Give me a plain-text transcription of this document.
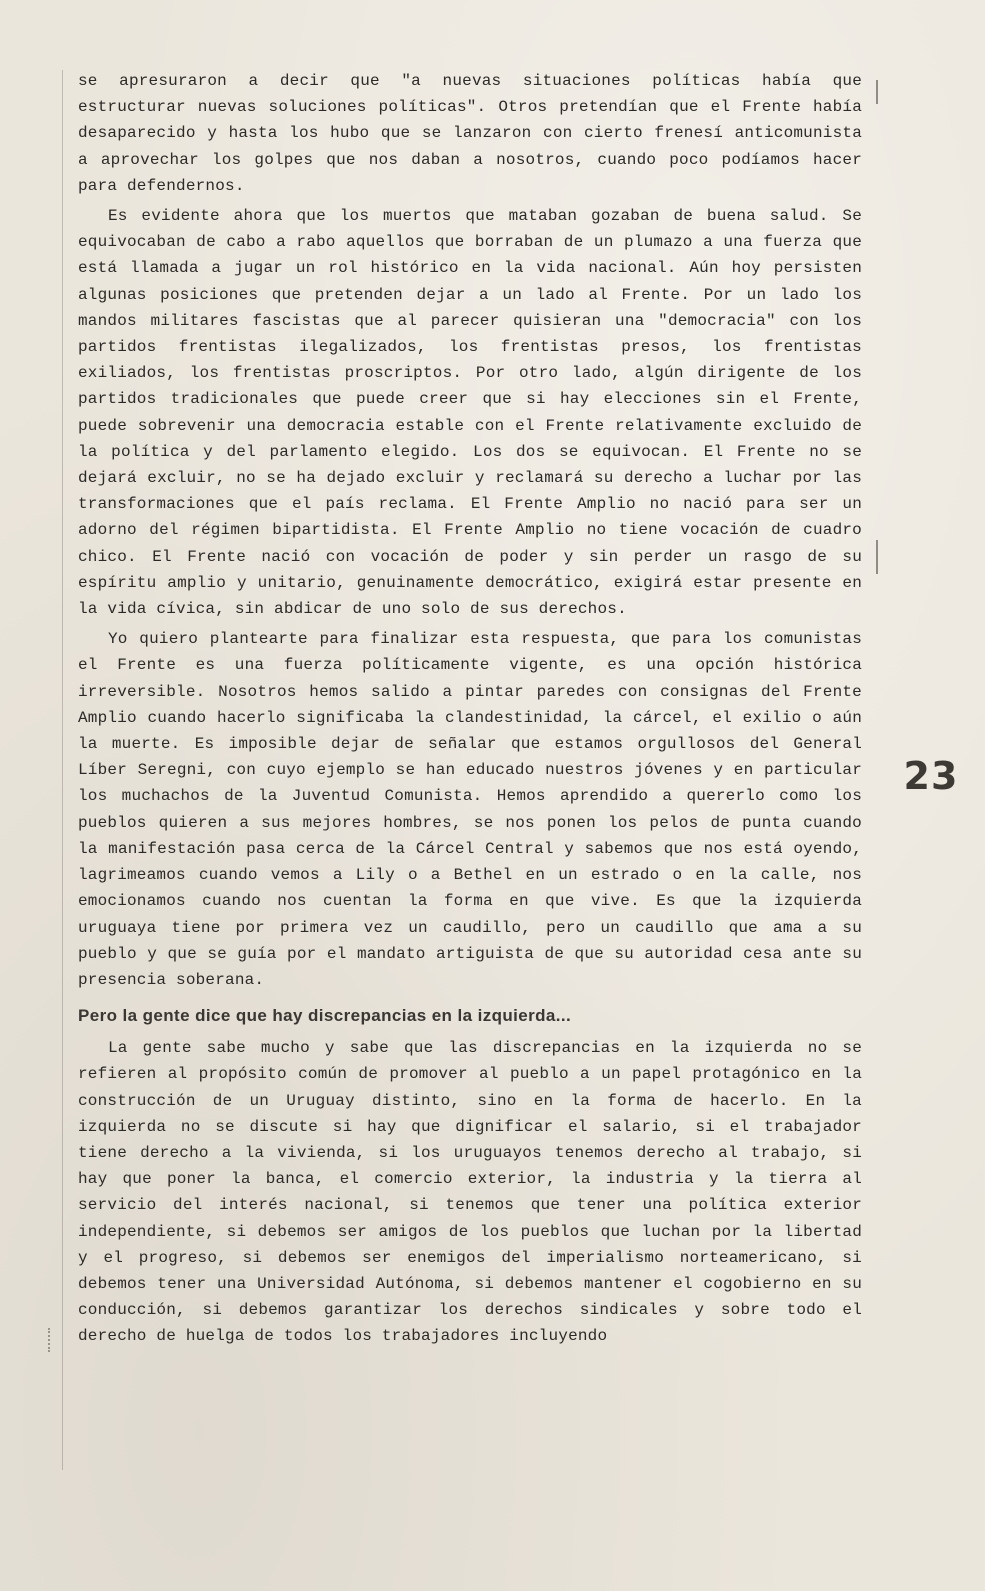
se apresuraron a decir que "a nuevas situaciones políticas había que estructurar nuevas soluciones políticas". Otros pretendían que el Frente había desaparecido y hasta los hubo que se lanzaron con cierto frenesí anticomunista a aprovechar los golpes que nos daban a nosotros, cuando poco podíamos hacer para defendernos.

Es evidente ahora que los muertos que mataban gozaban de buena salud. Se equivocaban de cabo a rabo aquellos que borraban de un plumazo a una fuerza que está llamada a jugar un rol histórico en la vida nacional. Aún hoy persisten algunas posiciones que pretenden dejar a un lado al Frente. Por un lado los mandos militares fascistas que al parecer quisieran una "democracia" con los partidos frentistas ilegalizados, los frentistas presos, los frentistas exiliados, los frentistas proscriptos. Por otro lado, algún dirigente de los partidos tradicionales que puede creer que si hay elecciones sin el Frente, puede sobrevenir una democracia estable con el Frente relativamente excluido de la política y del parlamento elegido. Los dos se equivocan. El Frente no se dejará excluir, no se ha dejado excluir y reclamará su derecho a luchar por las transformaciones que el país reclama. El Frente Amplio no nació para ser un adorno del régimen bipartidista. El Frente Amplio no tiene vocación de cuadro chico. El Frente nació con vocación de poder y sin perder un rasgo de su espíritu amplio y unitario, genuinamente democrático, exigirá estar presente en la vida cívica, sin abdicar de uno solo de sus derechos.

Yo quiero plantearte para finalizar esta respuesta, que para los comunistas el Frente es una fuerza políticamente vigente, es una opción histórica irreversible. Nosotros hemos salido a pintar paredes con consignas del Frente Amplio cuando hacerlo significaba la clandestinidad, la cárcel, el exilio o aún la muerte. Es imposible dejar de señalar que estamos orgullosos del General Líber Seregni, con cuyo ejemplo se han educado nuestros jóvenes y en particular los muchachos de la Juventud Comunista. Hemos aprendido a quererlo como los pueblos quieren a sus mejores hombres, se nos ponen los pelos de punta cuando la manifestación pasa cerca de la Cárcel Central y sabemos que nos está oyendo, lagrimeamos cuando vemos a Lily o a Bethel en un estrado o en la calle, nos emocionamos cuando nos cuentan la forma en que vive. Es que la izquierda uruguaya tiene por primera vez un caudillo, pero un caudillo que ama a su pueblo y que se guía por el mandato artiguista de que su autoridad cesa ante su presencia soberana.

Pero la gente dice que hay discrepancias en la izquierda...

La gente sabe mucho y sabe que las discrepancias en la izquierda no se refieren al propósito común de promover al pueblo a un papel protagónico en la construcción de un Uruguay distinto, sino en la forma de hacerlo. En la izquierda no se discute si hay que dignificar el salario, si el trabajador tiene derecho a la vivienda, si los uruguayos tenemos derecho al trabajo, si hay que poner la banca, el comercio exterior, la industria y la tierra al servicio del interés nacional, si tenemos que tener una política exterior independiente, si debemos ser amigos de los pueblos que luchan por la libertad y el progreso, si debemos ser enemigos del imperialismo norteamericano, si debemos tener una Universidad Autónoma, si debemos mantener el cogobierno en su conducción, si debemos garantizar los derechos sindicales y sobre todo el derecho de huelga de todos los trabajadores incluyendo

23
